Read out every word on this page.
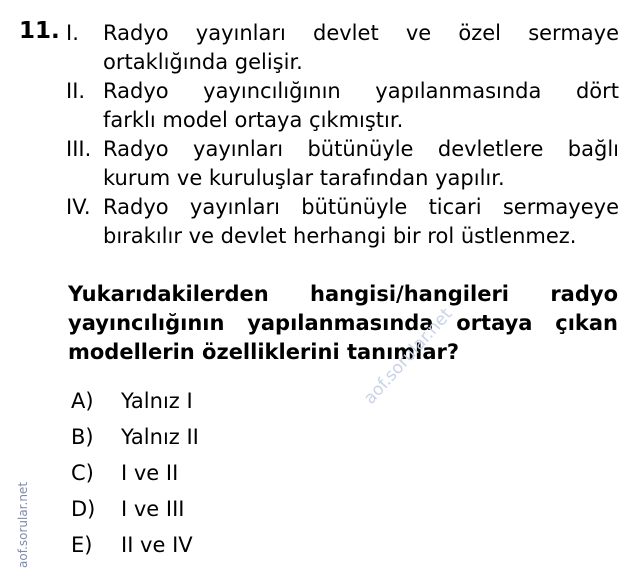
11. I. Radyo yayınları devlet ve özel sermaye
ortaklığında gelişir.
II. Radyo yayıncılığının yapılanmasında dört
farklı model ortaya çıkmıştır.
III. Radyo yayınları bütünüyle devletlere bağlı
kurum ve kuruluşlar tarafından yapılır.
IV. Radyo yayınları bütünüyle ticari sermayeye
bırakılır ve devlet herhangi bir rol üstlenmez.
Yukarıdakilerden hangisi/hangileri radyo
yayıncılığının yapılanmasında ortaya çıkan
modellerin özelliklerini tanımlar?
A) Yalnız I
B) Yalnız II
C) I ve II
D) I ve III
E) II ve IV
aof.sorular.net
aof.sorular.net
